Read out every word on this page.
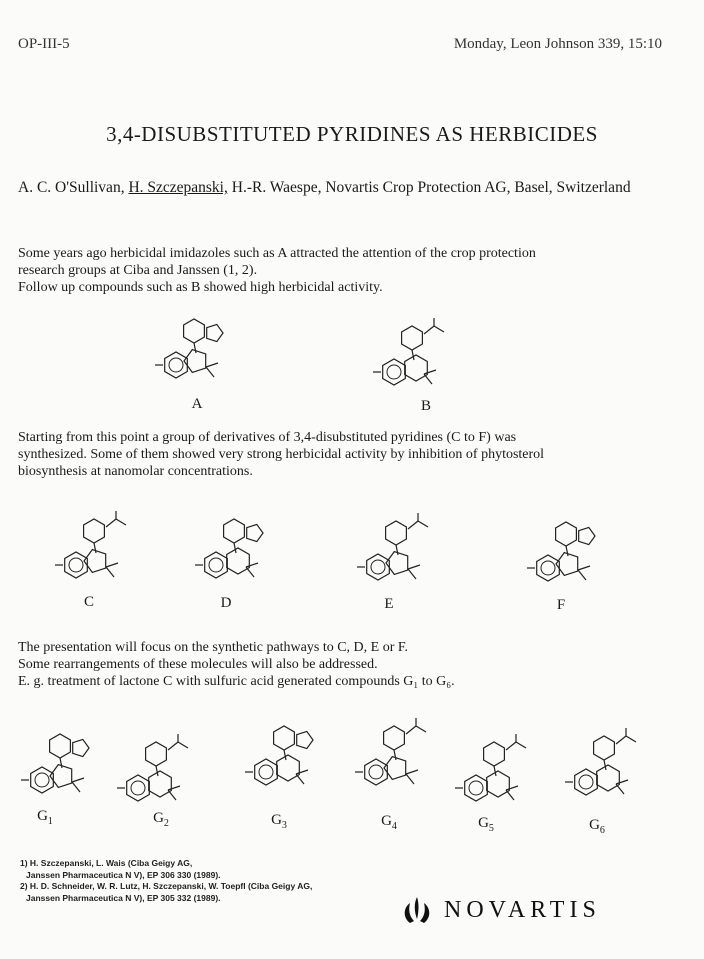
OP-III-5	Monday, Leon Johnson 339, 15:10
3,4-DISUBSTITUTED PYRIDINES AS HERBICIDES
A. C. O'Sullivan, H. Szczepanski, H.-R. Waespe, Novartis Crop Protection AG, Basel, Switzerland
Some years ago herbicidal imidazoles such as A attracted the attention of the crop protection
research groups at Ciba and Janssen (1, 2).
Follow up compounds such as B showed high herbicidal activity.
Starting from this point a group of derivatives of 3,4-disubstituted pyridines (C to F) was
synthesized. Some of them showed very strong herbicidal activity by inhibition of phytosterol
biosynthesis at nanomolar concentrations.
The presentation will focus on the synthetic pathways to C, D, E or F.
Some rearrangements of these molecules will also be addressed.
E. g. treatment of lactone C with sulfuric acid generated compounds G₁ to G₆.
A	B
C	D	E	F
$G_1$	$G_2$	$G_3$	$G_4$	$G_5$	$G_6$
1) H. Szczepanski, L. Wais (Ciba Geigy AG,
Janssen Pharmaceutica N V), EP 306 330 (1989).
2) H. D. Schneider, W. R. Lutz, H. Szczepanski, W. Toepfl (Ciba Geigy AG,
Janssen Pharmaceutica N V), EP 305 332 (1989).	NOVARTIS
